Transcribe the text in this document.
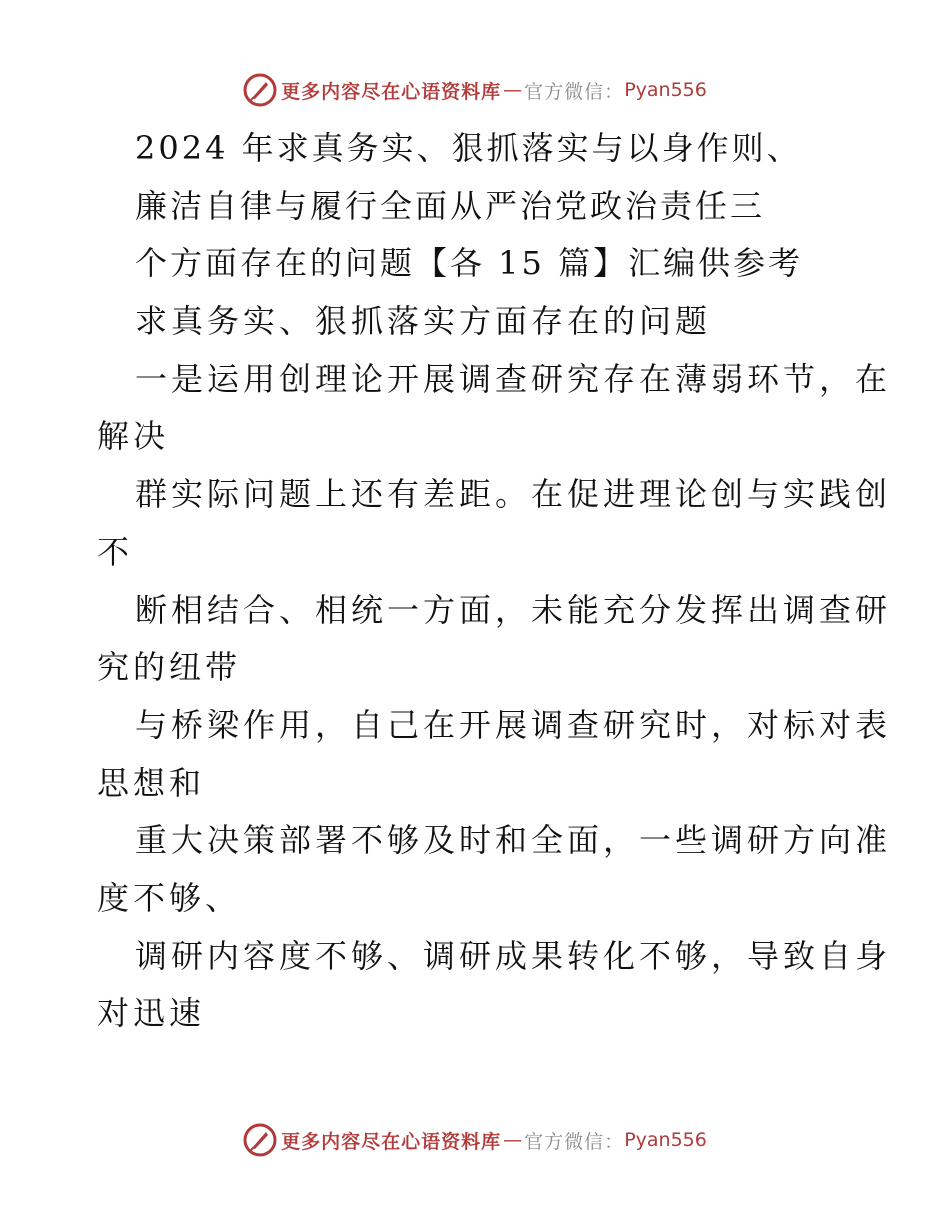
更多内容尽在心语资料库 — 官方微信： Pyan556
2024 年求真务实、狠抓落实与以身作则、
廉洁自律与履行全面从严治党政治责任三
个方面存在的问题【各 15 篇】汇编供参考
求真务实、狠抓落实方面存在的问题
一是运用创理论开展调查研究存在薄弱环节，在
解决
群实际问题上还有差距。在促进理论创与实践创
不
断相结合、相统一方面，未能充分发挥出调查研
究的纽带
与桥梁作用，自己在开展调查研究时，对标对表
思想和
重大决策部署不够及时和全面，一些调研方向准
度不够、
调研内容度不够、调研成果转化不够，导致自身
对迅速
更多内容尽在心语资料库 — 官方微信： Pyan556
